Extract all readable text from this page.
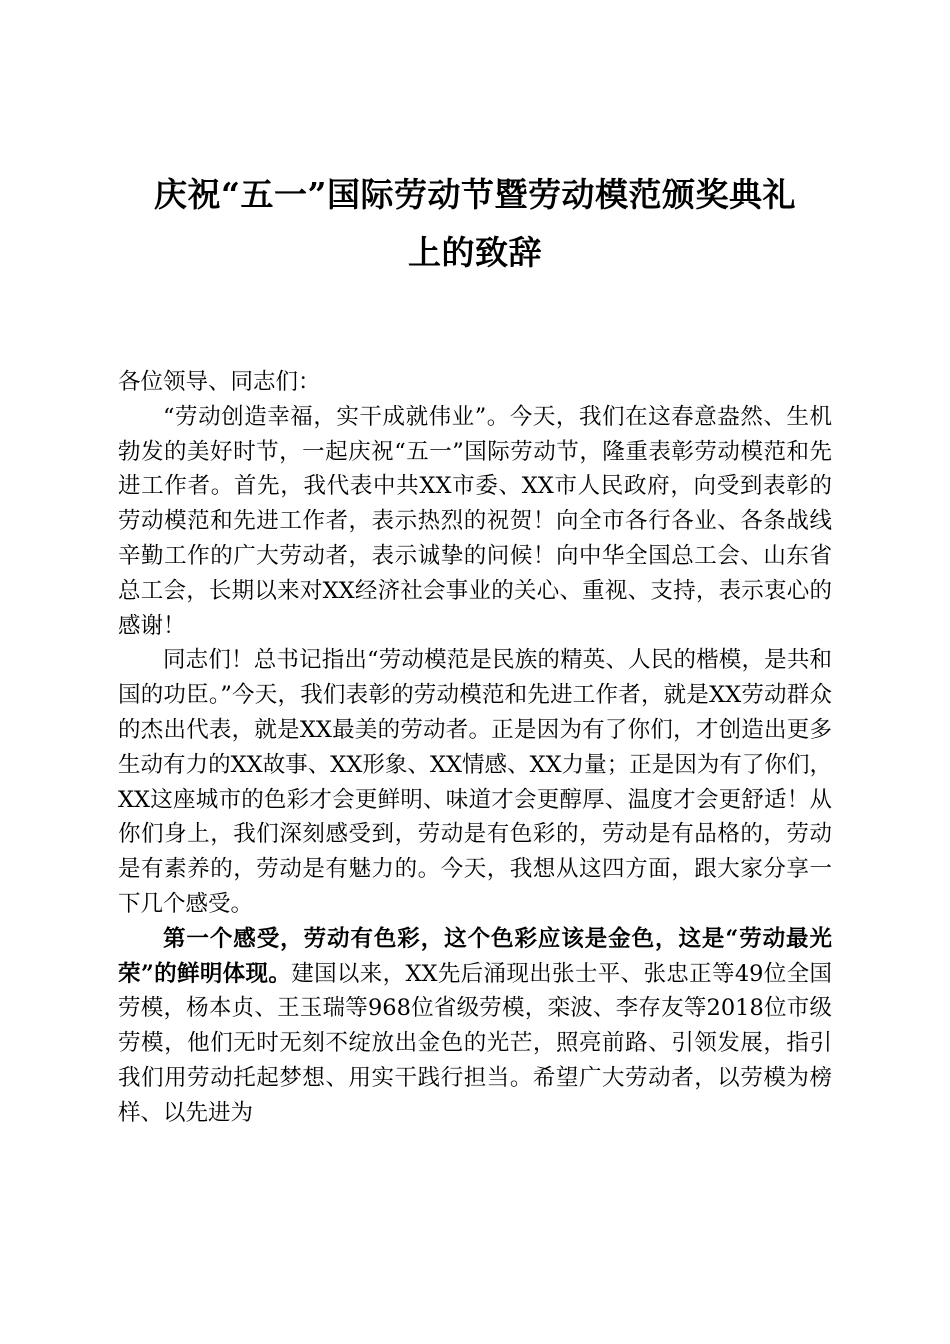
庆祝“五一”国际劳动节暨劳动模范颁奖典礼

上的致辞

各位领导、同志们：

“劳动创造幸福，实干成就伟业”。今天，我们在这春意盎然、生机勃发的美好时节，一起庆祝“五一”国际劳动节，隆重表彰劳动模范和先进工作者。首先，我代表中共XX市委、XX市人民政府，向受到表彰的劳动模范和先进工作者，表示热烈的祝贺！向全市各行各业、各条战线辛勤工作的广大劳动者，表示诚挚的问候！向中华全国总工会、山东省总工会，长期以来对XX经济社会事业的关心、重视、支持，表示衷心的感谢！

同志们！总书记指出“劳动模范是民族的精英、人民的楷模，是共和国的功臣。”今天，我们表彰的劳动模范和先进工作者，就是XX劳动群众的杰出代表，就是XX最美的劳动者。正是因为有了你们，才创造出更多生动有力的XX故事、XX形象、XX情感、XX力量；正是因为有了你们，XX这座城市的色彩才会更鲜明、味道才会更醇厚、温度才会更舒适！从你们身上，我们深刻感受到，劳动是有色彩的，劳动是有品格的，劳动是有素养的，劳动是有魅力的。今天，我想从这四方面，跟大家分享一下几个感受。

第一个感受，劳动有色彩，这个色彩应该是金色，这是“劳动最光荣”的鲜明体现。建国以来，XX先后涌现出张士平、张忠正等49位全国劳模，杨本贞、王玉瑞等968位省级劳模，栾波、李存友等2018位市级劳模，他们无时无刻不绽放出金色的光芒，照亮前路、引领发展，指引我们用劳动托起梦想、用实干践行担当。希望广大劳动者，以劳模为榜样、以先进为
